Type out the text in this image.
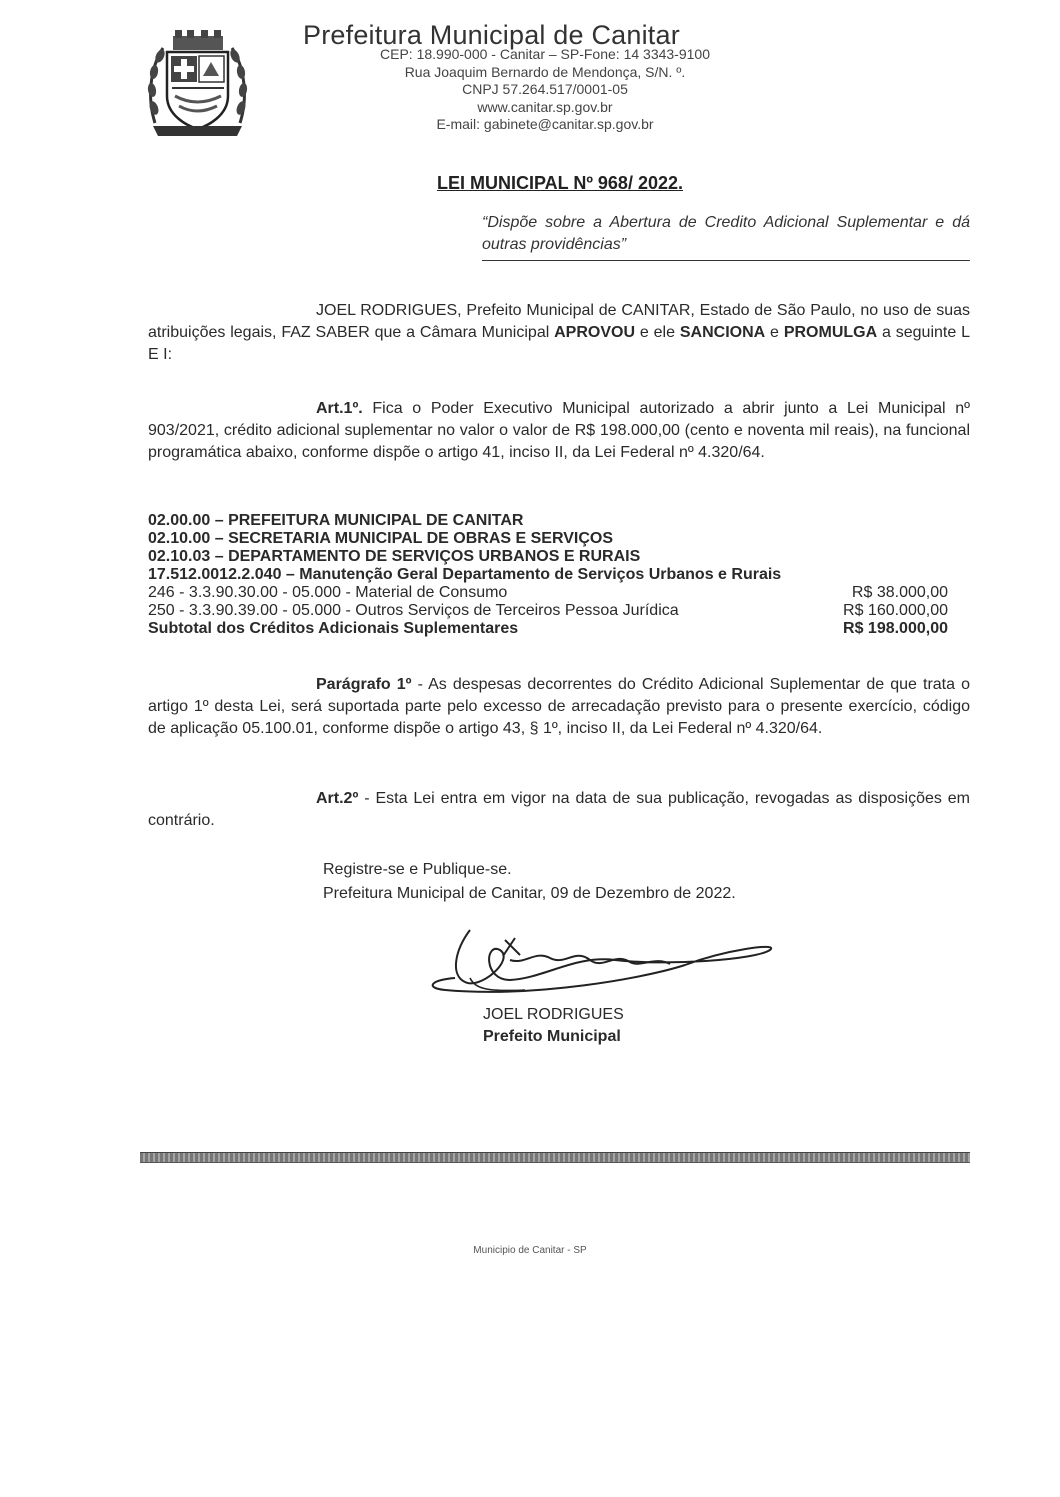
Prefeitura Municipal de Canitar
CEP: 18.990-000 - Canitar – SP-Fone: 14 3343-9100
Rua Joaquim Bernardo de Mendonça, S/N. º.
CNPJ 57.264.517/0001-05
www.canitar.sp.gov.br
E-mail: gabinete@canitar.sp.gov.br
LEI MUNICIPAL Nº 968/ 2022.
“Dispõe sobre a Abertura de Credito Adicional Suplementar e dá outras providências”
JOEL RODRIGUES, Prefeito Municipal de CANITAR, Estado de São Paulo, no uso de suas atribuições legais, FAZ SABER que a Câmara Municipal APROVOU e ele SANCIONA e PROMULGA a seguinte L E I:
Art.1º. Fica o Poder Executivo Municipal autorizado a abrir junto a Lei Municipal nº 903/2021, crédito adicional suplementar no valor o valor de R$ 198.000,00 (cento e noventa mil reais), na funcional programática abaixo, conforme dispõe o artigo 41, inciso II, da Lei Federal nº 4.320/64.
02.00.00 – PREFEITURA MUNICIPAL DE CANITAR
02.10.00 – SECRETARIA MUNICIPAL DE OBRAS E SERVIÇOS
02.10.03 – DEPARTAMENTO DE SERVIÇOS URBANOS E RURAIS
17.512.0012.2.040 – Manutenção Geral Departamento de Serviços Urbanos e Rurais
246 - 3.3.90.30.00 - 05.000 - Material de Consumo	R$ 38.000,00
250 - 3.3.90.39.00 - 05.000 - Outros Serviços de Terceiros Pessoa Jurídica	R$ 160.000,00
Subtotal dos Créditos Adicionais Suplementares	R$ 198.000,00
Parágrafo 1º - As despesas decorrentes do Crédito Adicional Suplementar de que trata o artigo 1º desta Lei, será suportada parte pelo excesso de arrecadação previsto para o presente exercício, código de aplicação 05.100.01, conforme dispõe o artigo 43, § 1º, inciso II, da Lei Federal nº 4.320/64.
Art.2º - Esta Lei entra em vigor na data de sua publicação, revogadas as disposições em contrário.
Registre-se e Publique-se.
Prefeitura Municipal de Canitar, 09 de Dezembro de 2022.
JOEL RODRIGUES
Prefeito Municipal
Municipio de Canitar - SP
